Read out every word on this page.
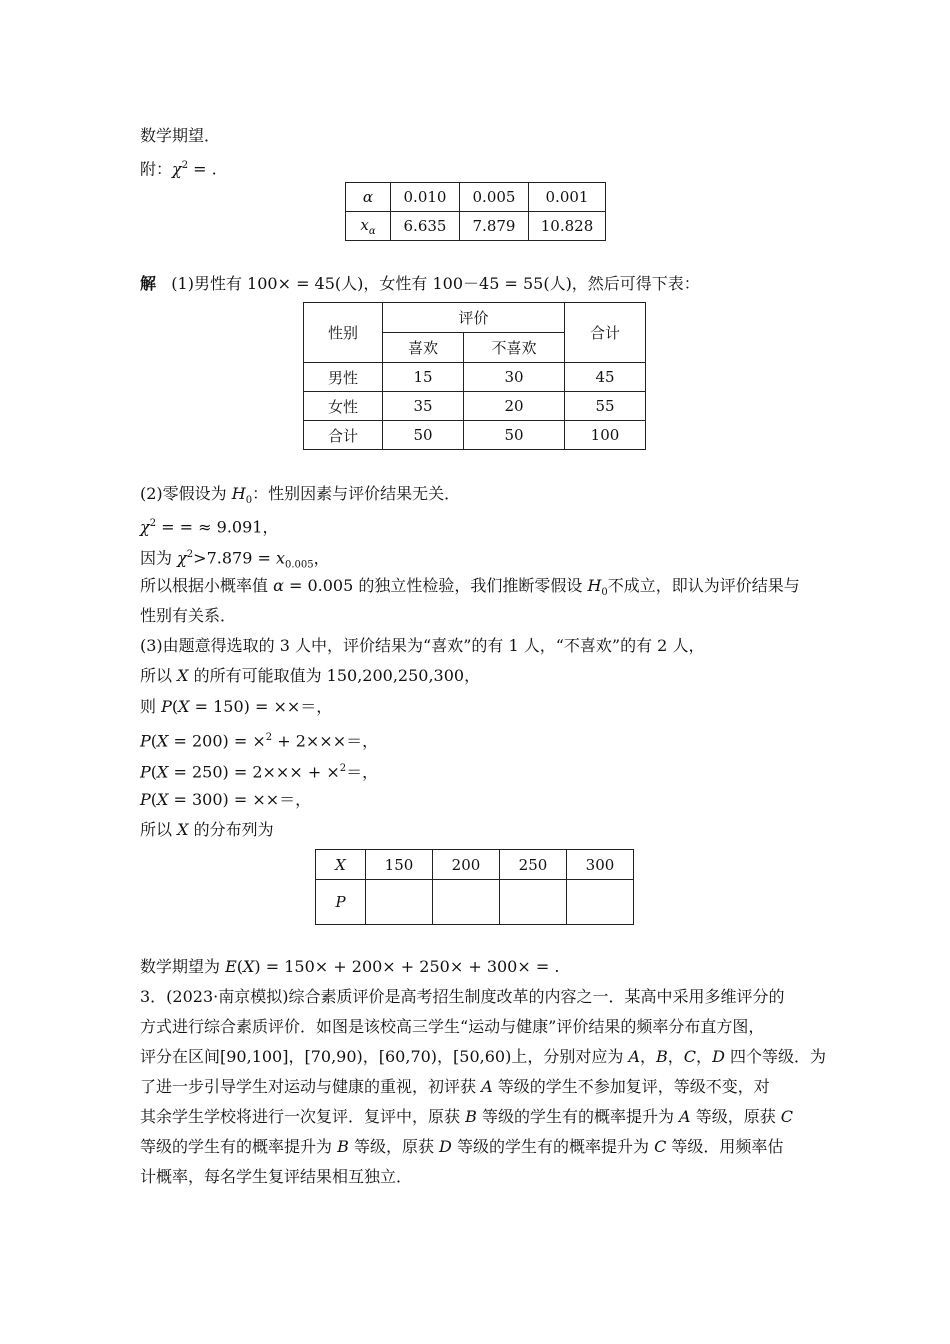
数学期望．
附：$\chi^2$ = .
α	0.010	0.005	0.001
$x_\alpha$	6.635	7.879	10.828
解 (1)男性有 100× = 45(人)，女性有 100－45 = 55(人)，然后可得下表：
性别	评价		合计
	喜欢	不喜欢	
男性	15	30	45
女性	35	20	55
合计	50	50	100
(2)零假设为 $H_0$：性别因素与评价结果无关．
$\chi^2$ = = ≈ 9.091，
因为 $\chi^2>7.879 = x_{0.005}$，
所以根据小概率值 α = 0.005 的独立性检验，我们推断零假设 $H_0$不成立，即认为评价结果与
性别有关系．
(3)由题意得选取的 3 人中，评价结果为“喜欢”的有 1 人，“不喜欢”的有 2 人，
所以 X 的所有可能取值为 150,200,250,300，
则 P(X = 150) = ××＝，
P(X = 200) = ×$^2$ + 2×××＝，
P(X = 250) = 2××× + ×$^2$＝，
P(X = 300) = ××＝，
所以 X 的分布列为
X	150	200	250	300
P				
数学期望为 E(X) = 150× + 200× + 250× + 300× = .
3．(2023·南京模拟)综合素质评价是高考招生制度改革的内容之一．某高中采用多维评分的
方式进行综合素质评价．如图是该校高三学生“运动与健康”评价结果的频率分布直方图，
评分在区间[90,100]，[70,90)，[60,70)，[50,60)上，分别对应为 A，B，C，D 四个等级．为
了进一步引导学生对运动与健康的重视，初评获 A 等级的学生不参加复评，等级不变，对
其余学生学校将进行一次复评．复评中，原获 B 等级的学生有的概率提升为 A 等级，原获 C
等级的学生有的概率提升为 B 等级，原获 D 等级的学生有的概率提升为 C 等级．用频率估
计概率，每名学生复评结果相互独立．
